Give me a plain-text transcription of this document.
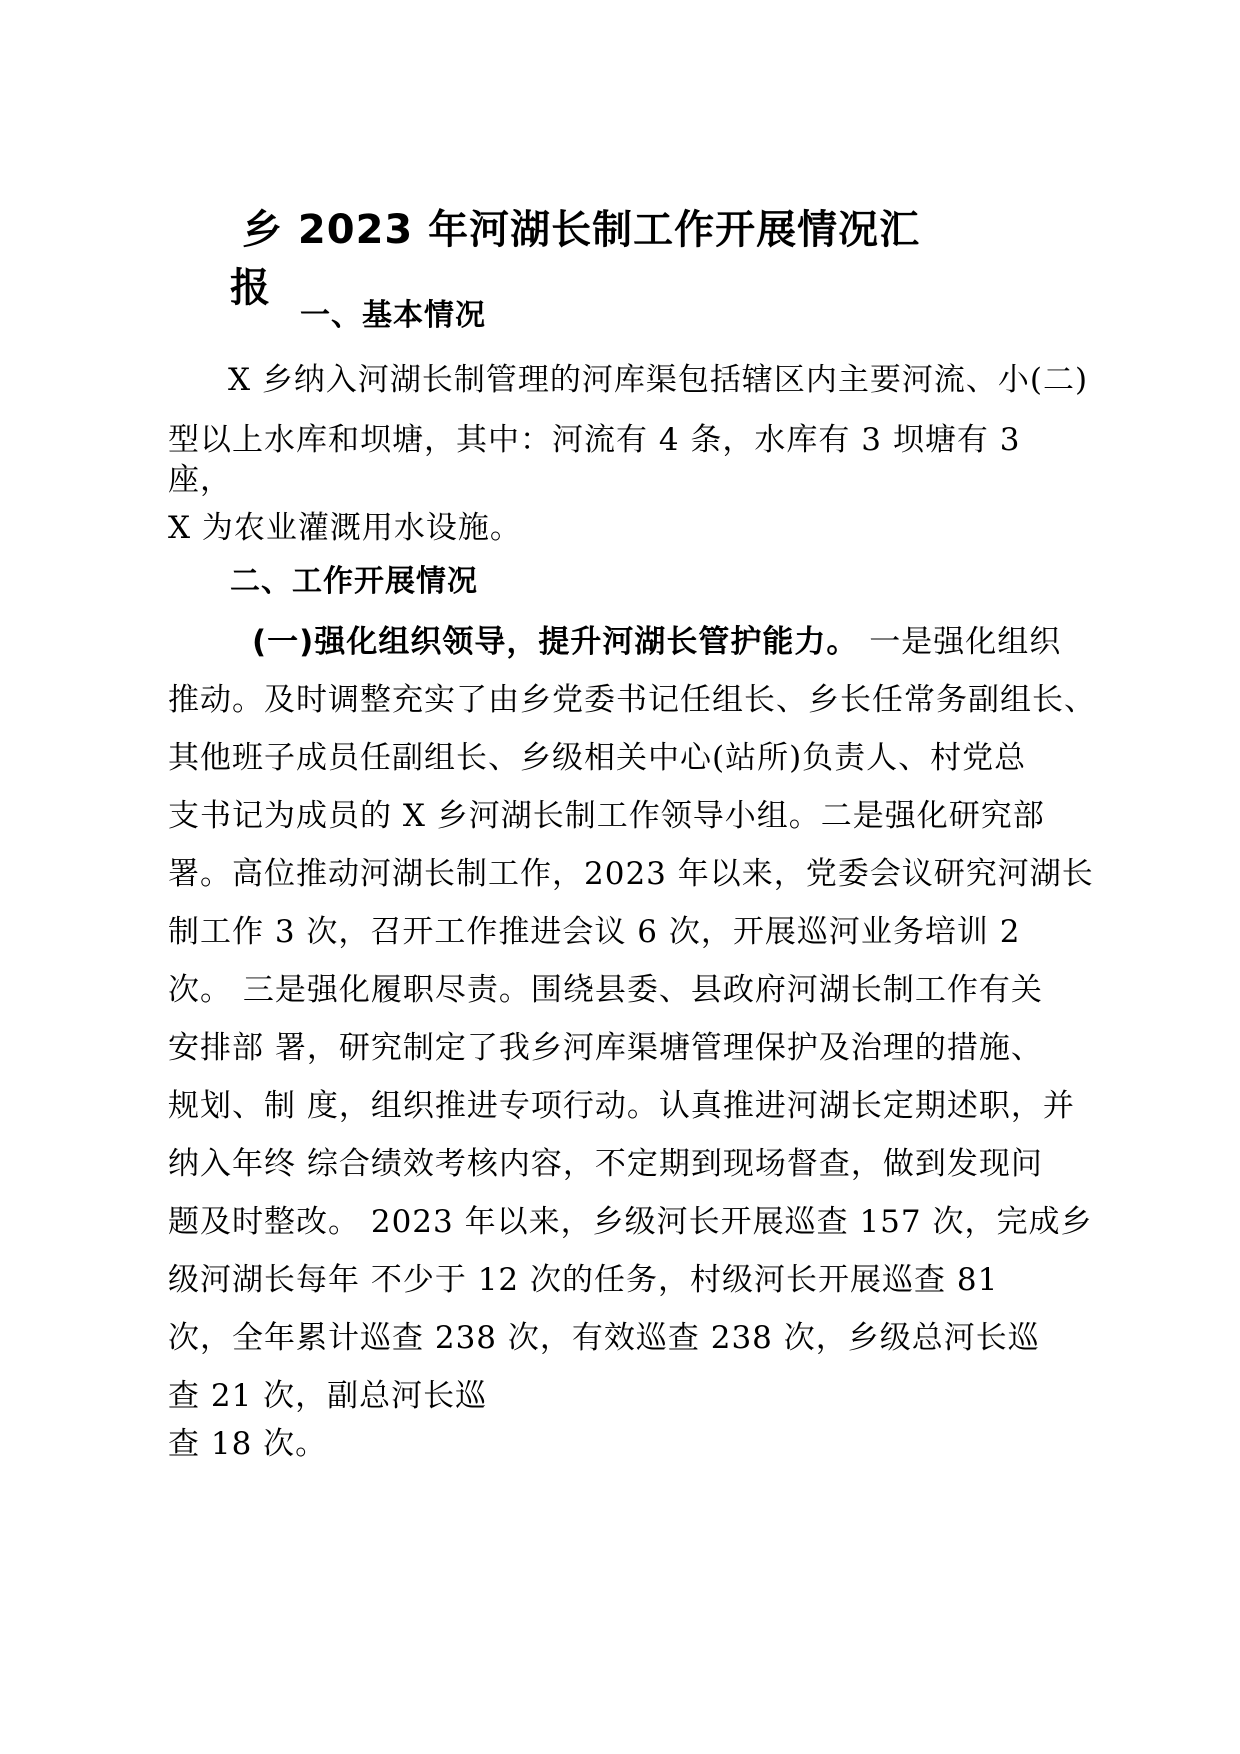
乡 2023 年河湖长制工作开展情况汇
报
一、基本情况
X 乡纳入河湖长制管理的河库渠包括辖区内主要河流、小(二)
型以上水库和坝塘，其中：河流有 4 条，水库有 3 坝塘有 3
座，
X 为农业灌溉用水设施。
二、工作开展情况
(一)强化组织领导，提升河湖长管护能力。 一是强化组织
推动。及时调整充实了由乡党委书记任组长、乡长任常务副组长、
其他班子成员任副组长、乡级相关中心(站所)负责人、村党总
支书记为成员的 X 乡河湖长制工作领导小组。二是强化研究部
署。高位推动河湖长制工作，2023 年以来，党委会议研究河湖长
制工作 3 次，召开工作推进会议 6 次，开展巡河业务培训 2
次。 三是强化履职尽责。围绕县委、县政府河湖长制工作有关
安排部 署，研究制定了我乡河库渠塘管理保护及治理的措施、
规划、制 度，组织推进专项行动。认真推进河湖长定期述职，并
纳入年终 综合绩效考核内容，不定期到现场督查，做到发现问
题及时整改。 2023 年以来，乡级河长开展巡查 157 次，完成乡
级河湖长每年 不少于 12 次的任务，村级河长开展巡查 81
次，全年累计巡查 238 次，有效巡查 238 次，乡级总河长巡
查 21 次，副总河长巡
查 18 次。
